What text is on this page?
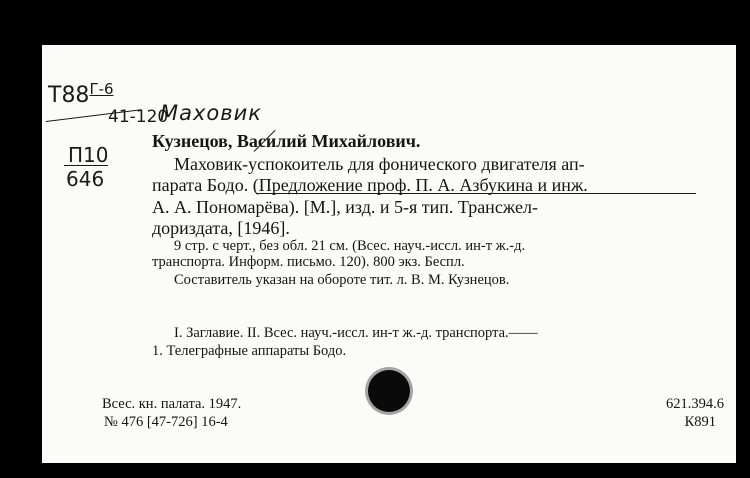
$Т88^{Г-6}$
41-120
Маховик
П10
646
Кузнецов, Василий Михайлович.
Маховик-успокоитель для фонического двигателя ап-
парата Бодо. (Предложение проф. П. А. Азбукина и инж.
А. А. Пономарёва). [М.], изд. и 5-я тип. Трансжел-
дориздата, [1946].
9 стр. с черт., без обл. 21 см. (Всес. науч.-иссл. ин-т ж.-д.
транспорта. Информ. письмо. 120). 800 экз. Беспл.
Составитель указан на обороте тит. л. В. М. Кузнецов.
I. Заглавие. II. Всес. науч.-иссл. ин-т ж.-д. транспорта.——
1. Телеграфные аппараты Бодо.
Всес. кн. палата. 1947.
№ 476 [47-726] 16-4
621.394.6
К891
